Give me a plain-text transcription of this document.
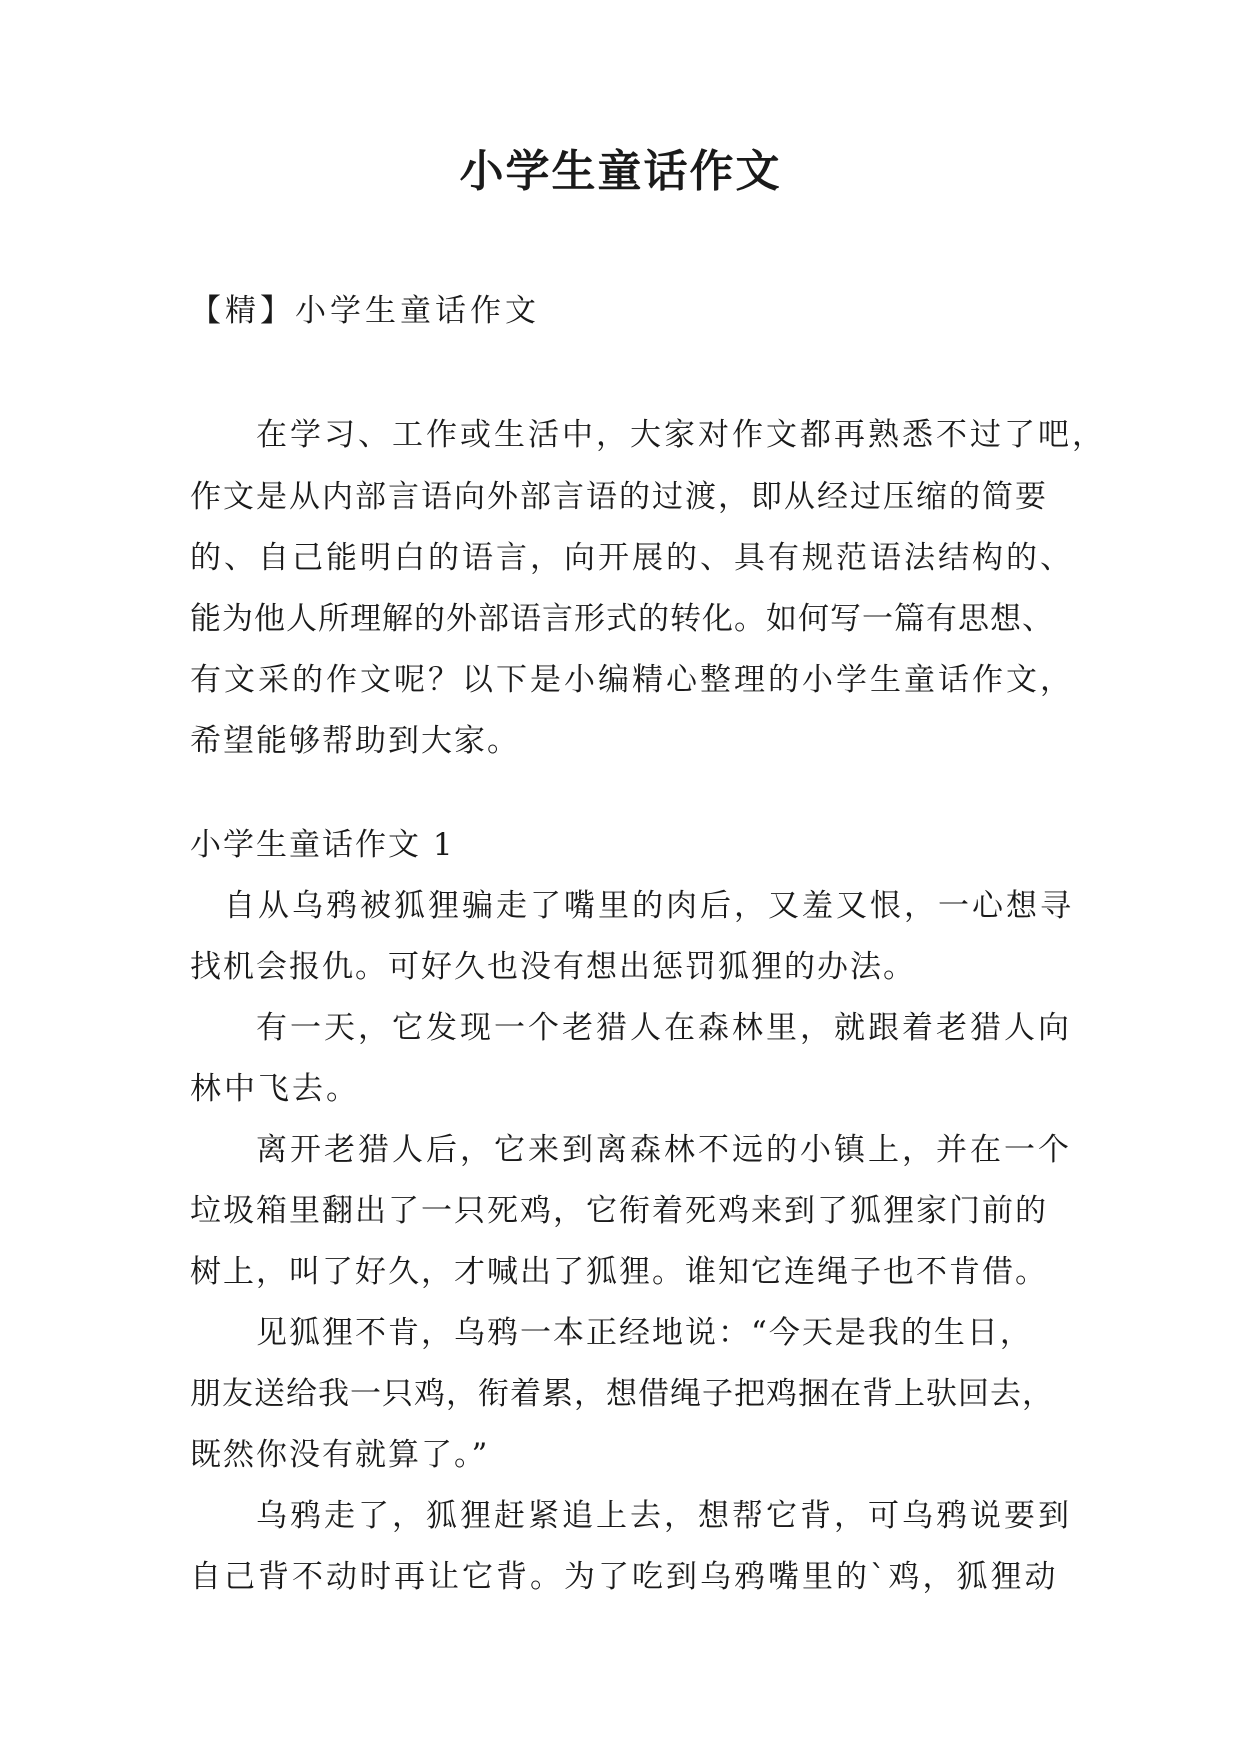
小学生童话作文
【精】小学生童话作文
在学习、工作或生活中，大家对作文都再熟悉不过了吧，
作文是从内部言语向外部言语的过渡，即从经过压缩的简要
的、自己能明白的语言，向开展的、具有规范语法结构的、
能为他人所理解的外部语言形式的转化。如何写一篇有思想、
有文采的作文呢？以下是小编精心整理的小学生童话作文，
希望能够帮助到大家。
小学生童话作文 1
自从乌鸦被狐狸骗走了嘴里的肉后，又羞又恨，一心想寻
找机会报仇。可好久也没有想出惩罚狐狸的办法。
有一天，它发现一个老猎人在森林里，就跟着老猎人向
林中飞去。
离开老猎人后，它来到离森林不远的小镇上，并在一个
垃圾箱里翻出了一只死鸡，它衔着死鸡来到了狐狸家门前的
树上，叫了好久，才喊出了狐狸。谁知它连绳子也不肯借。
见狐狸不肯，乌鸦一本正经地说：“今天是我的生日，
朋友送给我一只鸡，衔着累，想借绳子把鸡捆在背上驮回去，
既然你没有就算了。”
乌鸦走了，狐狸赶紧追上去，想帮它背，可乌鸦说要到
自己背不动时再让它背。为了吃到乌鸦嘴里的`鸡，狐狸动
